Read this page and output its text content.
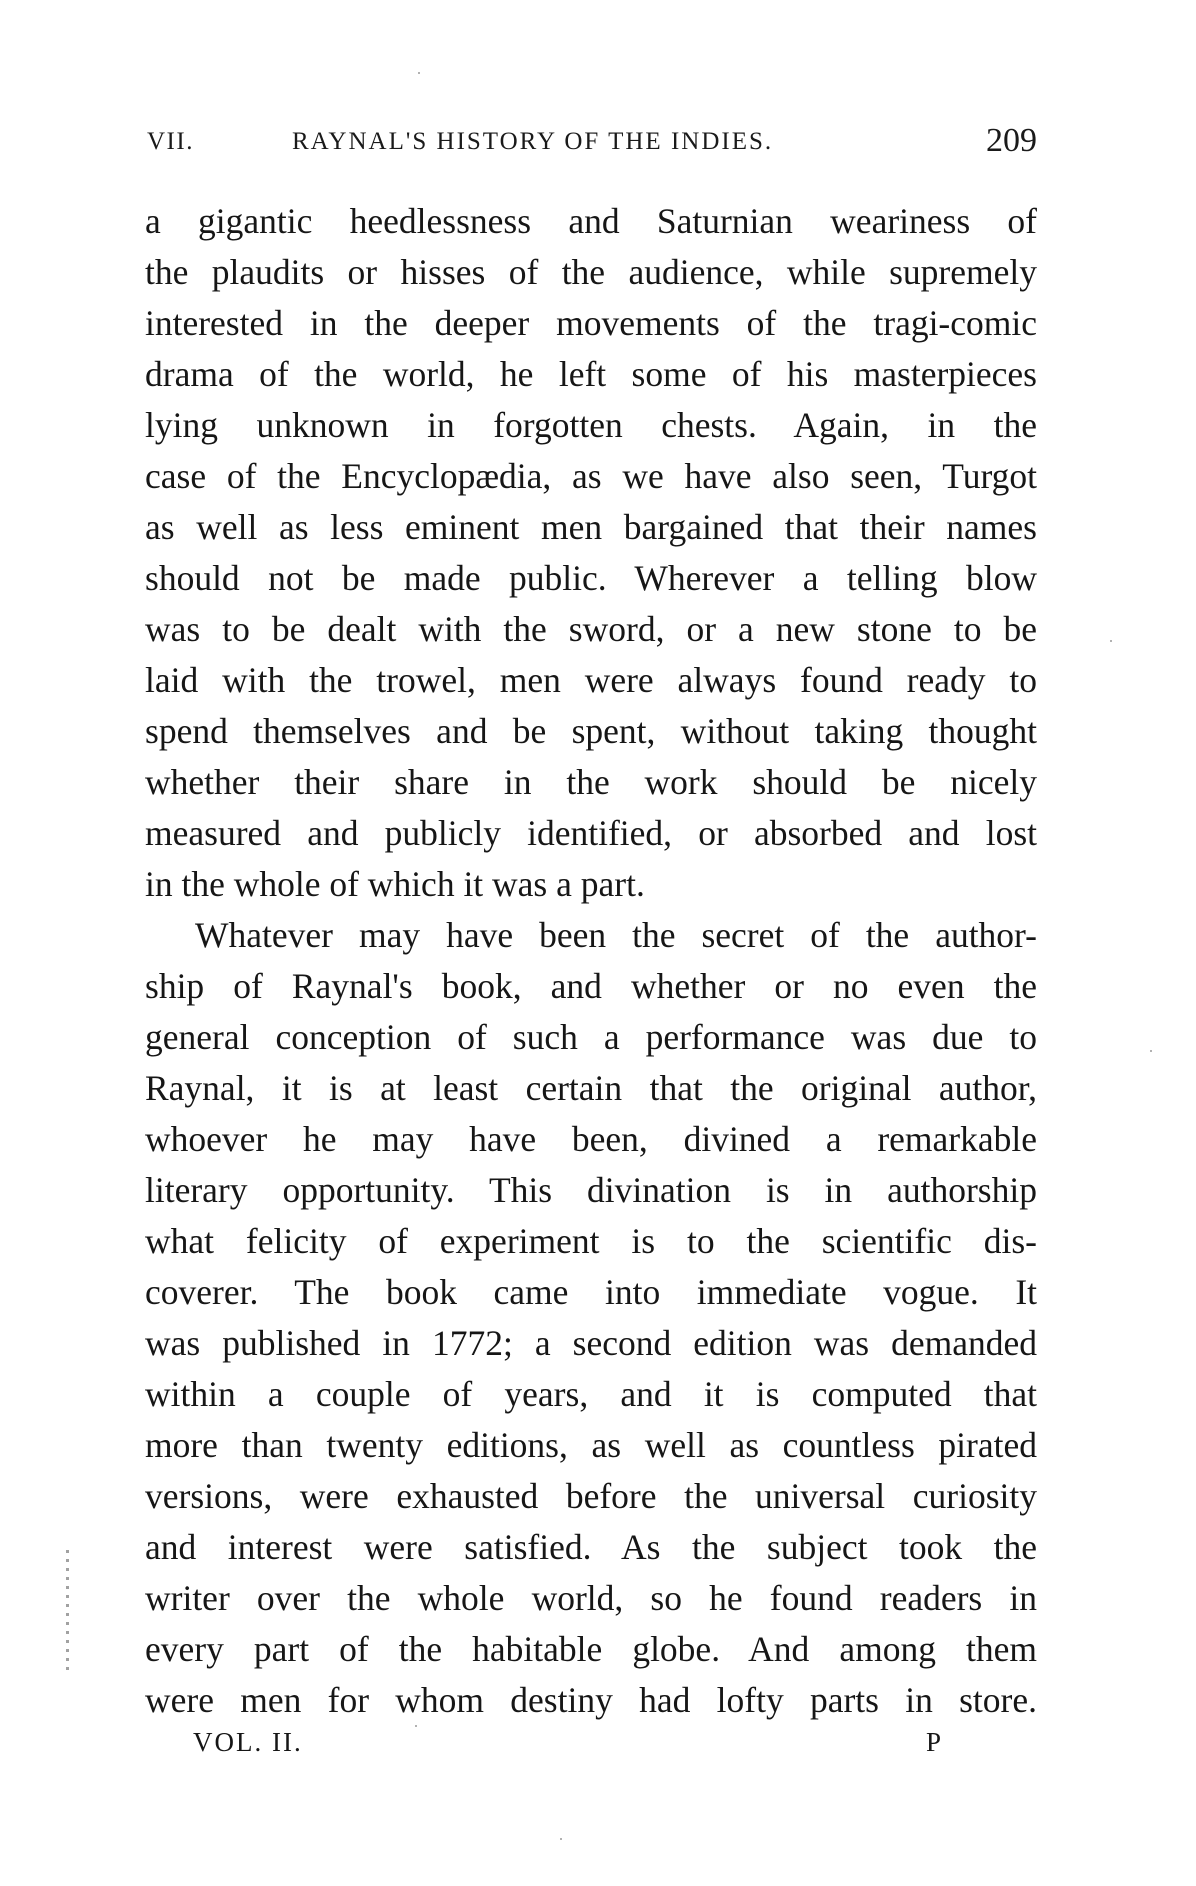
VII.	RAYNAL'S HISTORY OF THE INDIES.	209
a gigantic heedlessness and Saturnian weariness of
the plaudits or hisses of the audience, while supremely
interested in the deeper movements of the tragi-comic
drama of the world, he left some of his masterpieces
lying unknown in forgotten chests. Again, in the
case of the Encyclopædia, as we have also seen, Turgot
as well as less eminent men bargained that their names
should not be made public. Wherever a telling blow
was to be dealt with the sword, or a new stone to be
laid with the trowel, men were always found ready to
spend themselves and be spent, without taking thought
whether their share in the work should be nicely
measured and publicly identified, or absorbed and lost
in the whole of which it was a part.
Whatever may have been the secret of the author-
ship of Raynal's book, and whether or no even the
general conception of such a performance was due to
Raynal, it is at least certain that the original author,
whoever he may have been, divined a remarkable
literary opportunity. This divination is in authorship
what felicity of experiment is to the scientific dis-
coverer. The book came into immediate vogue. It
was published in 1772; a second edition was demanded
within a couple of years, and it is computed that
more than twenty editions, as well as countless pirated
versions, were exhausted before the universal curiosity
and interest were satisfied. As the subject took the
writer over the whole world, so he found readers in
every part of the habitable globe. And among them
were men for whom destiny had lofty parts in store.
VOL. II.	P
